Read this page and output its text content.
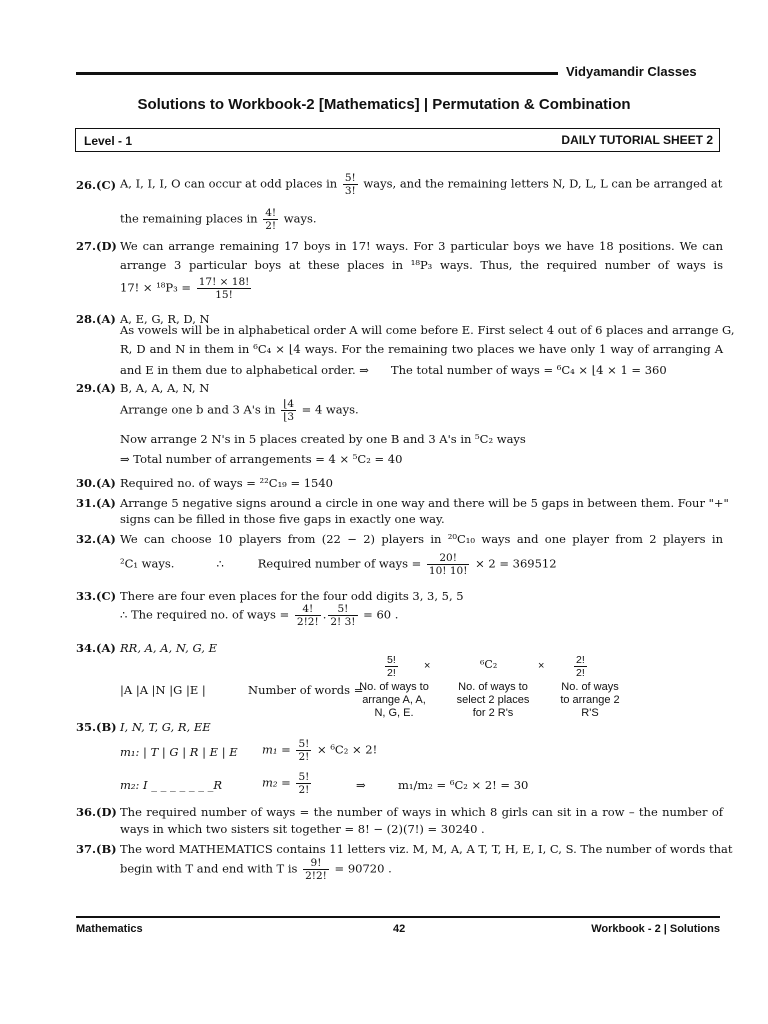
Vidyamandir Classes
Solutions to Workbook-2 [Mathematics] | Permutation & Combination
Level - 1	DAILY TUTORIAL SHEET 2
26.(C) A, I, I, I, O can occur at odd places in $\frac{5!}{3!}$ ways, and the remaining letters N, D, L, L can be arranged at
the remaining places in $\frac{4!}{2!}$ ways.
27.(D) We can arrange remaining 17 boys in 17! ways. For 3 particular boys we have 18 positions. We can
arrange 3 particular boys at these places in ¹⁸P₃ ways. Thus, the required number of ways is
17! × $^{18}P_3 = \frac{17! \times 18!}{15!}$
28.(A) A, E, G, R, D, N
As vowels will be in alphabetical order A will come before E. First select 4 out of 6 places and arrange G,
R, D and N in them in ⁶C₄ × ⌊4 ways. For the remaining two places we have only 1 way of arranging A
and E in them due to alphabetical order. ⇒ The total number of ways = ⁶C₄ × ⌊4 × 1 = 360
29.(A) B, A, A, A, N, N
Arrange one b and 3 A's in $\frac{⌊4}{⌊3} = 4$ ways.
Now arrange 2 N's in 5 places created by one B and 3 A's in ⁵C₂ ways
⇒ Total number of arrangements = 4 × ⁵C₂ = 40
30.(A) Required no. of ways = ²²C₁₉ = 1540
31.(A) Arrange 5 negative signs around a circle in one way and there will be 5 gaps in between them. Four "+"
signs can be filled in those five gaps in exactly one way.
32.(A) We can choose 10 players from (22 − 2) players in ²⁰C₁₀ ways and one player from 2 players in
²C₁ ways.	∴	Required number of ways = $\frac{20!}{10! 10!} \times 2 = 369512$
33.(C) There are four even places for the four odd digits 3, 3, 5, 5
∴ The required no. of ways = $\frac{4!}{2!2!}$ . $\frac{5!}{2! 3!} = 60$ .
34.(A) RR, A, A, N, G, E
|A |A |N |G |E |	Number of words =
$\frac{5!}{2!}$ ×	⁶C₂	×	$\frac{2!}{2!}$
No. of ways to arrange A, A, N, G, E.
No. of ways to select 2 places for 2 R's
No. of ways to arrange 2 R'S
35.(B) I, N, T, G, R, EE
m₁: | T | G | R | E | E $m_1 = \frac{5!}{2!} \times ^6C_2 \times 2$!
m₂: I _ _ _ _ _ _ _R	$m_2 = \frac{5!}{2!}$	⇒	m₁/m₂ = ⁶C₂ × 2! = 30
36.(D) The required number of ways = the number of ways in which 8 girls can sit in a row – the number of
ways in which two sisters sit together = 8! − (2)(7!) = 30240 .
37.(B) The word MATHEMATICS contains 11 letters viz. M, M, A, A T, T, H, E, I, C, S. The number of words that
begin with T and end with T is $\frac{9!}{2!2!} = 90720$ .
Mathematics	42	Workbook - 2 | Solutions
